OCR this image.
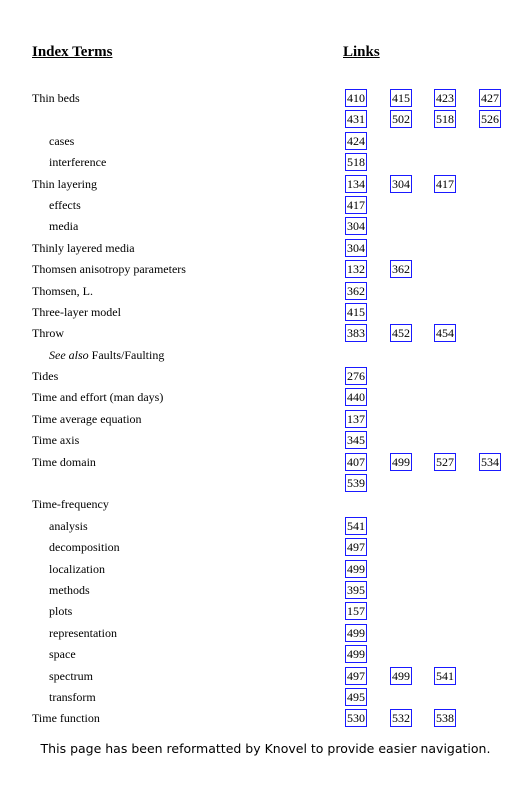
Index Terms	Links
Thin beds	410 415 423 427
431 502 518 526
cases	424
interference	518
Thin layering	134 304 417
effects	417
media	304
Thinly layered media	304
Thomsen anisotropy parameters	132 362
Thomsen, L.	362
Three-layer model	415
Throw	383 452 454
See also Faults/Faulting
Tides	276
Time and effort (man days)	440
Time average equation	137
Time axis	345
Time domain	407 499 527 534
539
Time-frequency
analysis	541
decomposition	497
localization	499
methods	395
plots	157
representation	499
space	499
spectrum	497 499 541
transform	495
Time function	530 532 538
This page has been reformatted by Knovel to provide easier navigation.
